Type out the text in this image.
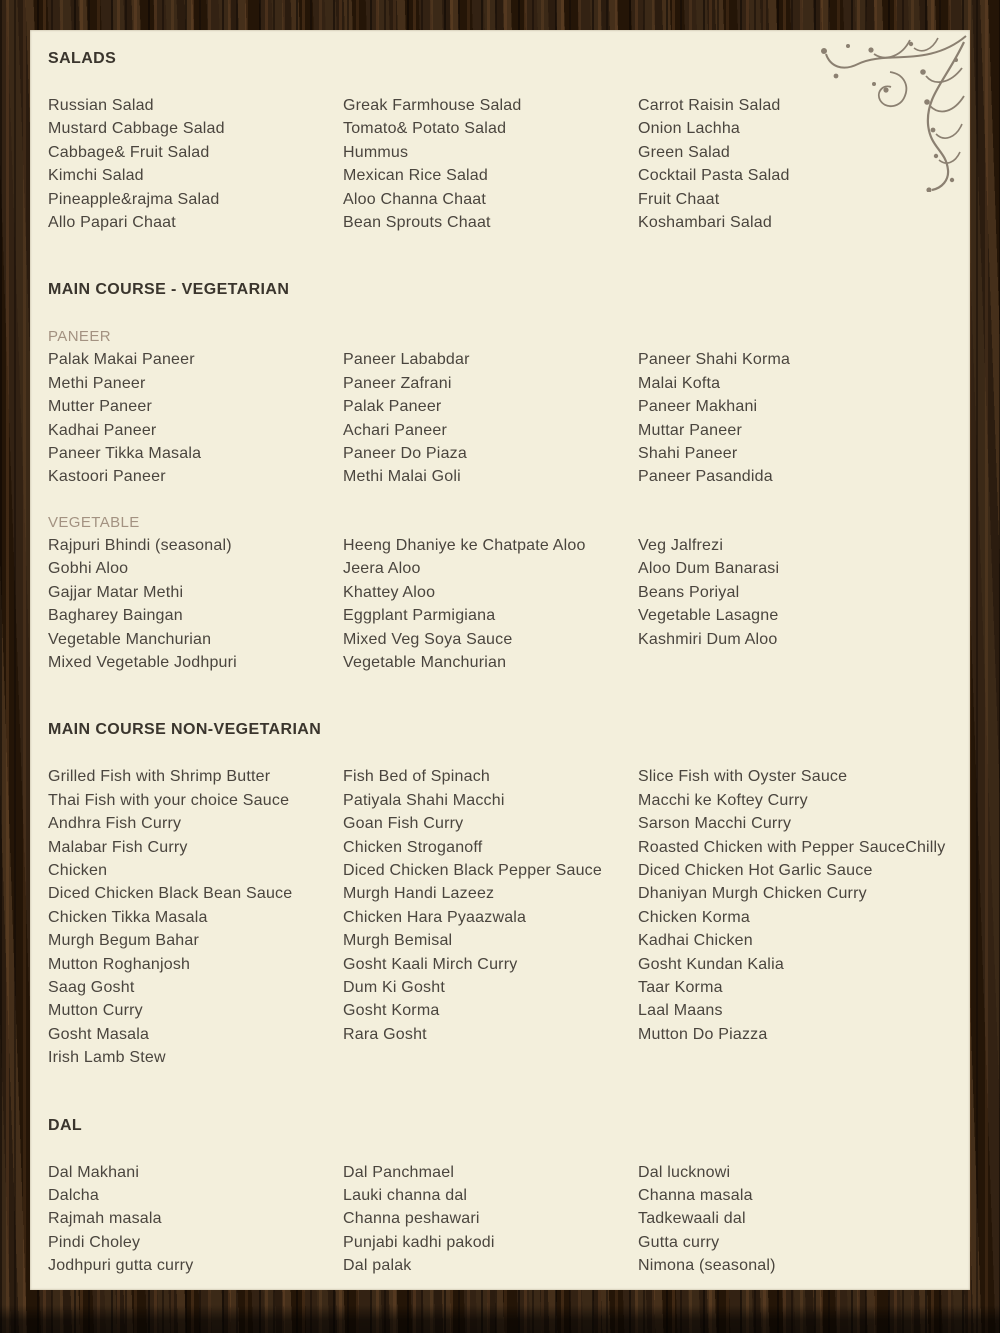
SALADS
Russian Salad
Mustard Cabbage Salad
Cabbage& Fruit Salad
Kimchi Salad
Pineapple&rajma Salad
Allo Papari Chaat
Greak Farmhouse Salad
Tomato& Potato Salad
Hummus
Mexican Rice Salad
Aloo Channa Chaat
Bean Sprouts Chaat
Carrot Raisin Salad
Onion Lachha
Green Salad
Cocktail Pasta Salad
Fruit Chaat
Koshambari Salad
MAIN COURSE - VEGETARIAN
PANEER
Palak Makai Paneer
Methi Paneer
Mutter Paneer
Kadhai Paneer
Paneer Tikka Masala
Kastoori Paneer
Paneer Lababdar
Paneer Zafrani
Palak Paneer
Achari Paneer
Paneer Do Piaza
Methi Malai Goli
Paneer Shahi Korma
Malai Kofta
Paneer Makhani
Muttar Paneer
Shahi Paneer
Paneer Pasandida
VEGETABLE
Rajpuri Bhindi (seasonal)
Gobhi Aloo
Gajjar Matar Methi
Bagharey Baingan
Vegetable Manchurian
Mixed Vegetable Jodhpuri
Heeng Dhaniye ke Chatpate Aloo
Jeera Aloo
Khattey Aloo
Eggplant Parmigiana
Mixed Veg Soya Sauce
Vegetable Manchurian
Veg Jalfrezi
Aloo Dum Banarasi
Beans Poriyal
Vegetable Lasagne
Kashmiri Dum Aloo
MAIN COURSE NON-VEGETARIAN
Grilled Fish with Shrimp Butter
Thai Fish with your choice Sauce
Andhra Fish Curry
Malabar Fish Curry
Chicken
Diced Chicken Black Bean Sauce
Chicken Tikka Masala
Murgh Begum Bahar
Mutton Roghanjosh
Saag Gosht
Mutton Curry
Gosht Masala
Irish Lamb Stew
Fish Bed of Spinach
Patiyala Shahi Macchi
Goan Fish Curry
Chicken Stroganoff
Diced Chicken Black Pepper Sauce
Murgh Handi Lazeez
Chicken Hara Pyaazwala
Murgh Bemisal
Gosht Kaali Mirch Curry
Dum Ki Gosht
Gosht Korma
Rara Gosht
Slice Fish with Oyster Sauce
Macchi ke Koftey Curry
Sarson Macchi Curry
Roasted Chicken with Pepper SauceChilly
Diced Chicken Hot Garlic Sauce
Dhaniyan Murgh Chicken Curry
Chicken Korma
Kadhai Chicken
Gosht Kundan Kalia
Taar Korma
Laal Maans
Mutton Do Piazza
DAL
Dal Makhani
Dalcha
Rajmah masala
Pindi Choley
Jodhpuri gutta curry
Dal Panchmael
Lauki channa dal
Channa peshawari
Punjabi kadhi pakodi
Dal palak
Dal lucknowi
Channa masala
Tadkewaali dal
Gutta curry
Nimona (seasonal)
